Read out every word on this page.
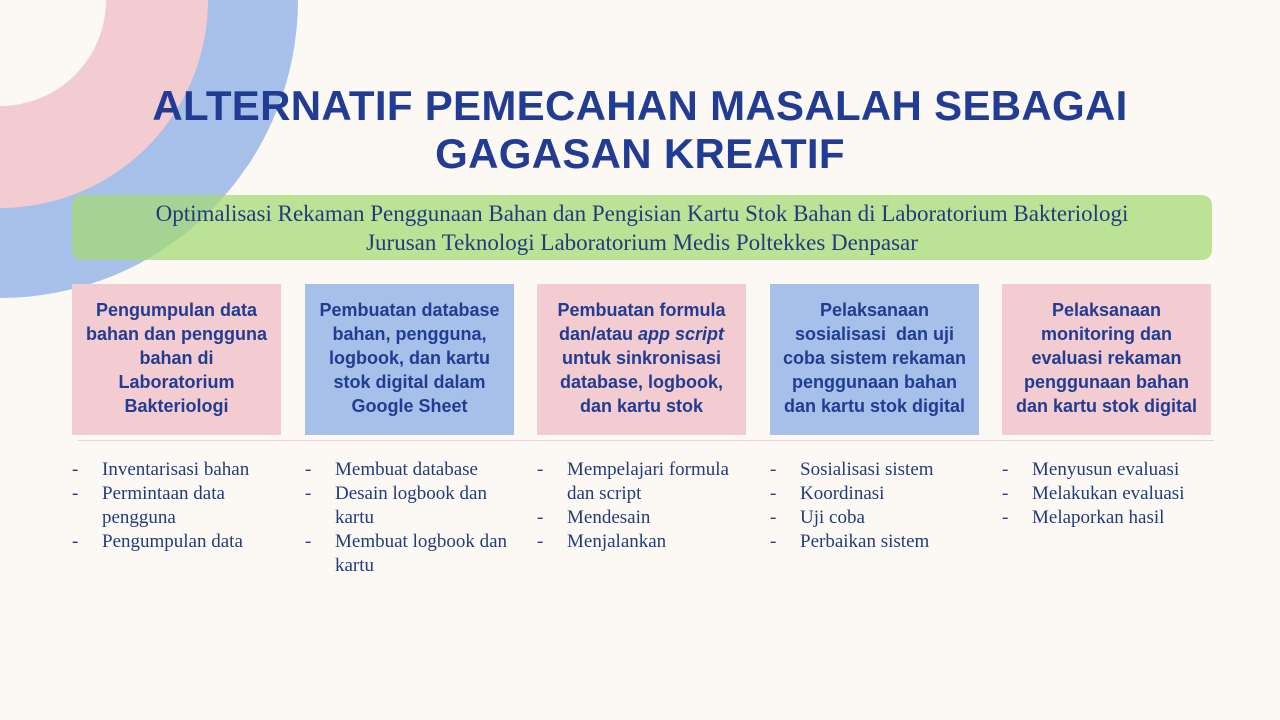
ALTERNATIF PEMECAHAN MASALAH SEBAGAI
GAGASAN KREATIF
Optimalisasi Rekaman Penggunaan Bahan dan Pengisian Kartu Stok Bahan di Laboratorium Bakteriologi
Jurusan Teknologi Laboratorium Medis Poltekkes Denpasar
Pengumpulan data
bahan dan pengguna
bahan di
Laboratorium
Bakteriologi
Pembuatan database
bahan, pengguna,
logbook, dan kartu
stok digital dalam
Google Sheet
Pembuatan formula
dan/atau app script
untuk sinkronisasi
database, logbook,
dan kartu stok
Pelaksanaan
sosialisasi  dan uji
coba sistem rekaman
penggunaan bahan
dan kartu stok digital
Pelaksanaan
monitoring dan
evaluasi rekaman
penggunaan bahan
dan kartu stok digital
- Inventarisasi bahan
- Permintaan data pengguna
- Pengumpulan data
- Membuat database
- Desain logbook dan kartu
- Membuat logbook dan kartu
- Mempelajari formula dan script
- Mendesain
- Menjalankan
- Sosialisasi sistem
- Koordinasi
- Uji coba
- Perbaikan sistem
- Menyusun evaluasi
- Melakukan evaluasi
- Melaporkan hasil
